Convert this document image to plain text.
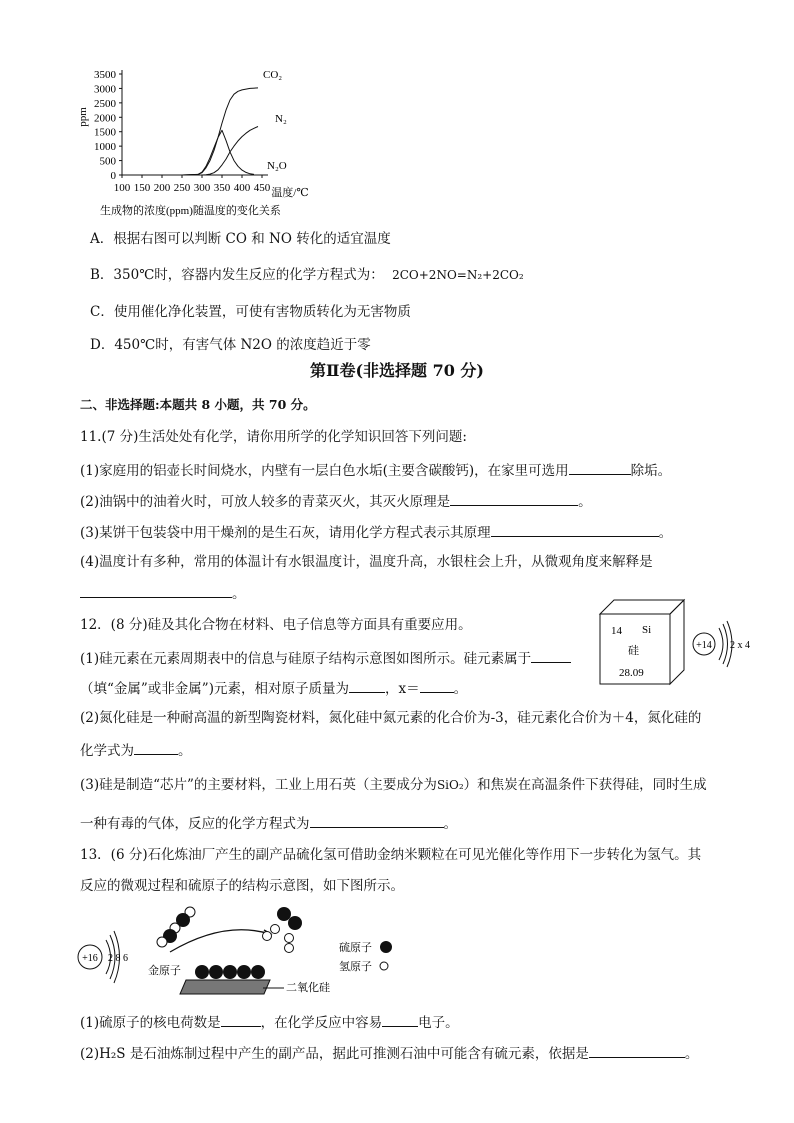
100 150 200 250 300 350 400 450
0
500
1000
1500
2000
2500
3000
3500
ppm
温度/℃
生成物的浓度(ppm)随温度的变化关系
CO₂
N₂
N₂O
A．根据右图可以判断 CO 和 NO 转化的适宜温度
B．350℃时，容器内发生反应的化学方程式为： 2CO+2NO=N₂+2CO₂
C．使用催化净化装置，可使有害物质转化为无害物质
D．450℃时，有害气体 N2O 的浓度趋近于零
第Ⅱ卷(非选择题 70 分)
二、非选择题:本题共 8 小题，共 70 分。
11.(7 分)生活处处有化学，请你用所学的化学知识回答下列问题:
(1)家庭用的铝壶长时间烧水，内壁有一层白色水垢(主要含碳酸钙)，在家里可选用	除垢。
(2)油锅中的油着火时，可放人较多的青菜灭火，其灭火原理是	。
(3)某饼干包装袋中用干燥剂的是生石灰，请用化学方程式表示其原理	。
(4)温度计有多种，常用的体温计有水银温度计，温度升高，水银柱会上升，从微观角度来解释是
。
12．(8 分)硅及其化合物在材料、电子信息等方面具有重要应用。	14 Si
硅
28.09
+14 2 x 4
(1)硅元素在元素周期表中的信息与硅原子结构示意图如图所示。硅元素属于
（填“金属”或非金属”)元素，相对原子质量为	，x＝	。
(2)氮化硅是一种耐高温的新型陶瓷材料，氮化硅中氮元素的化合价为-3，硅元素化合价为＋4，氮化硅的
化学式为	。
(3)硅是制造“芯片”的主要材料，工业上用石英（主要成分为SiO₂）和焦炭在高温条件下获得硅，同时生成
一种有毒的气体，反应的化学方程式为	。
13．(6 分)石化炼油厂产生的副产品硫化氢可借助金纳米颗粒在可见光催化等作用下一步转化为氢气。其
反应的微观过程和硫原子的结构示意图，如下图所示。
+16 2 8 6
金原子
二氧化硅
硫原子
氢原子
(1)硫原子的核电荷数是	，在化学反应中容易	电子。
(2)H₂S 是石油炼制过程中产生的副产品，据此可推测石油中可能含有硫元素，依据是	。
